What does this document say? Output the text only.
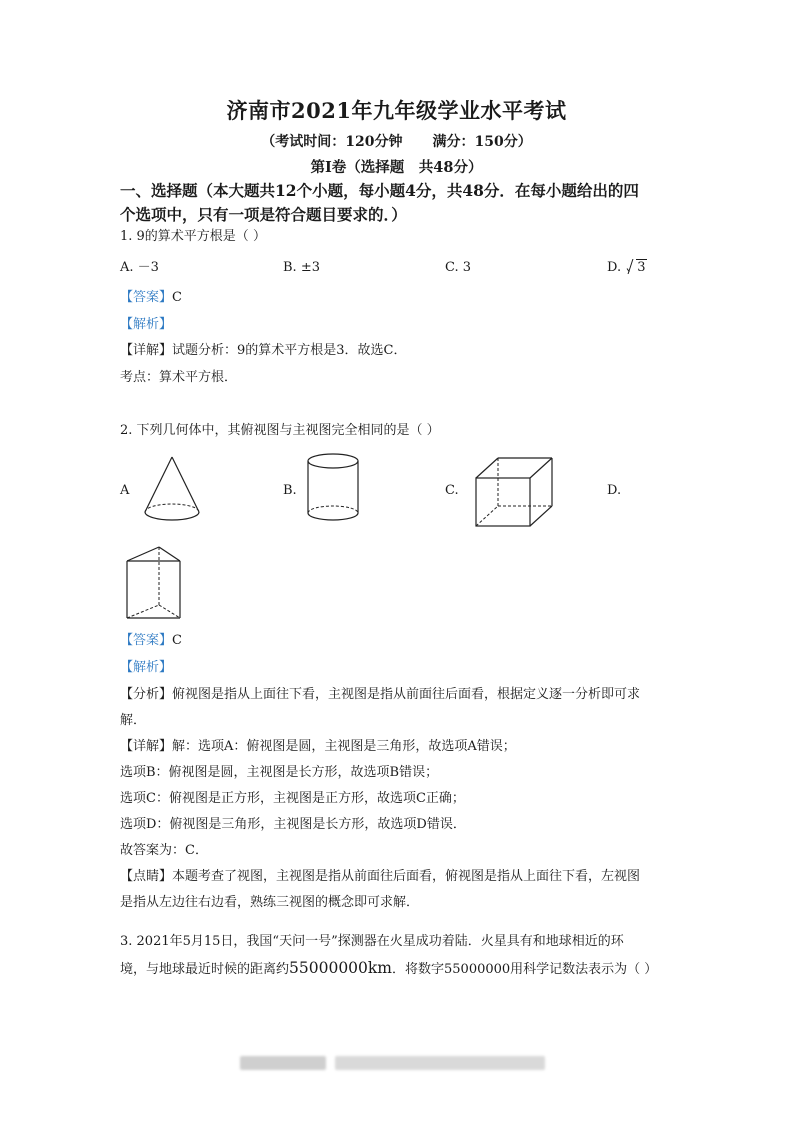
济南市2021年九年级学业水平考试
（考试时间：120分钟 满分：150分）
第Ⅰ卷（选择题　共48分）
一、选择题（本大题共12个小题，每小题4分，共48分．在每小题给出的四
个选项中，只有一项是符合题目要求的．）
1. 9的算术平方根是（ ）
A. －3	B. ±3	C. 3	D. 3
【答案】C
【解析】
【详解】试题分析：9的算术平方根是3．故选C．
考点：算术平方根．
2. 下列几何体中，其俯视图与主视图完全相同的是（ ）
A	B.	C.	D.
【答案】C
【解析】
【分析】俯视图是指从上面往下看，主视图是指从前面往后面看，根据定义逐一分析即可求
解．
【详解】解：选项A：俯视图是圆，主视图是三角形，故选项A错误；
选项B：俯视图是圆，主视图是长方形，故选项B错误；
选项C：俯视图是正方形，主视图是正方形，故选项C正确；
选项D：俯视图是三角形，主视图是长方形，故选项D错误．
故答案为：C．
【点睛】本题考查了视图，主视图是指从前面往后面看，俯视图是指从上面往下看，左视图
是指从左边往右边看，熟练三视图的概念即可求解．
3. 2021年5月15日，我国“天问一号”探测器在火星成功着陆．火星具有和地球相近的环
境，与地球最近时候的距离约55000000km．将数字55000000用科学记数法表示为（ ）
